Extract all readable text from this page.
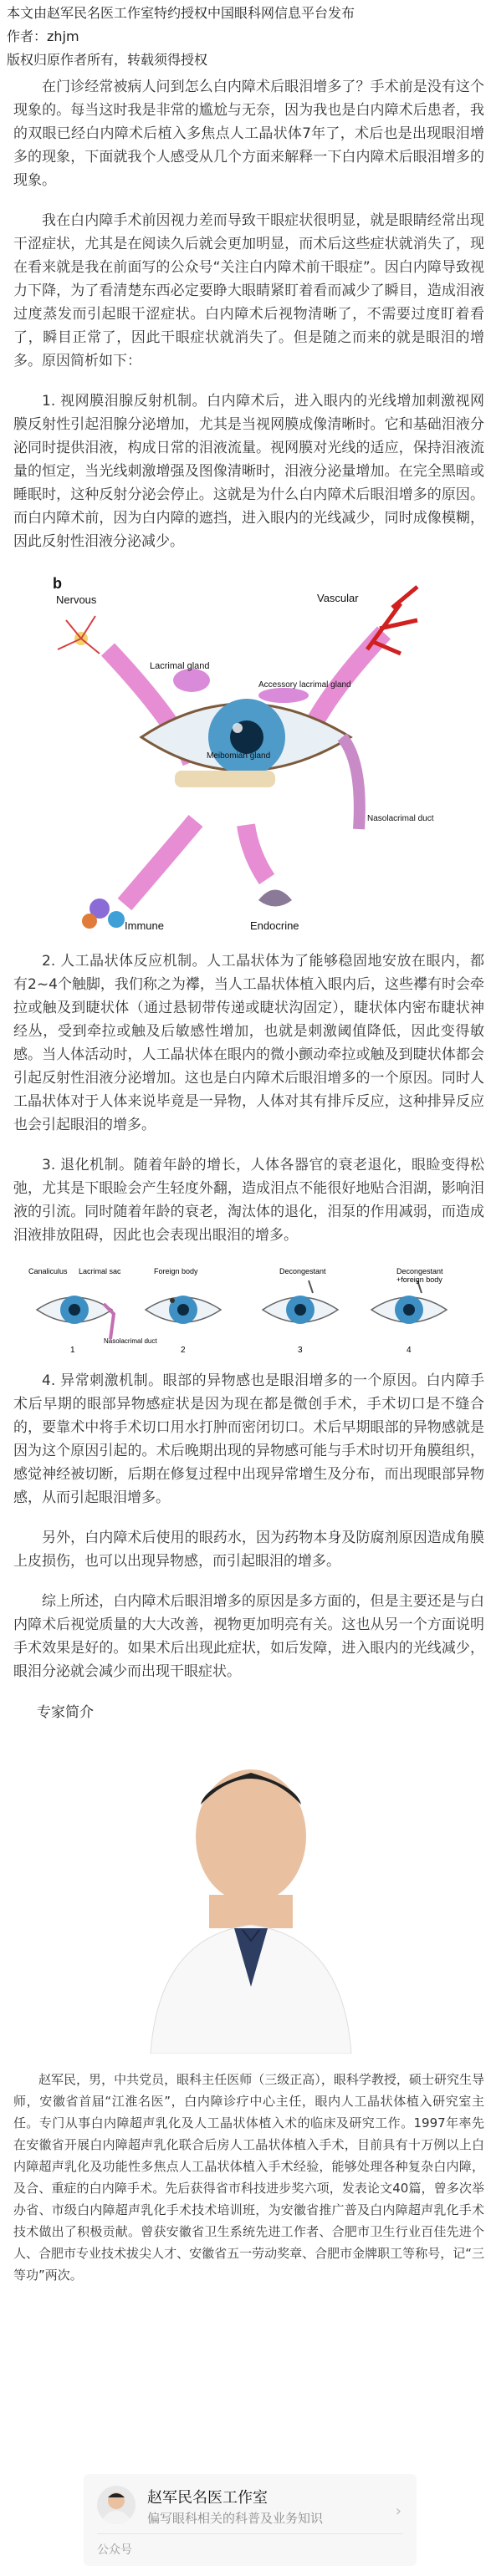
本文由赵军民名医工作室特约授权中国眼科网信息平台发布
作者：zhjm
版权归原作者所有，转载须得授权

在门诊经常被病人问到怎么白内障术后眼泪增多了？手术前是没有这个现象的。每当这时我是非常的尴尬与无奈，因为我也是白内障术后患者，我的双眼已经白内障术后植入多焦点人工晶状体7年了，术后也是出现眼泪增多的现象，下面就我个人感受从几个方面来解释一下白内障术后眼泪增多的现象。

我在白内障手术前因视力差而导致干眼症状很明显，就是眼睛经常出现干涩症状，尤其是在阅读久后就会更加明显，而术后这些症状就消失了，现在看来就是我在前面写的公众号“关注白内障术前干眼症”。因白内障导致视力下降，为了看清楚东西必定要睁大眼睛紧盯着看而减少了瞬目，造成泪液过度蒸发而引起眼干涩症状。白内障术后视物清晰了，不需要过度盯着看了，瞬目正常了，因此干眼症状就消失了。但是随之而来的就是眼泪的增多。原因简析如下：

1. 视网膜泪腺反射机制。白内障术后，进入眼内的光线增加刺激视网膜反射性引起泪腺分泌增加，尤其是当视网膜成像清晰时。它和基础泪液分泌同时提供泪液，构成日常的泪液流量。视网膜对光线的适应，保持泪液流量的恒定，当光线刺激增强及图像清晰时，泪液分泌量增加。在完全黑暗或睡眠时，这种反射分泌会停止。这就是为什么白内障术后眼泪增多的原因。而白内障术前，因为白内障的遮挡，进入眼内的光线减少，同时成像模糊，因此反射性泪液分泌减少。

b
Nervous	Vascular
Lacrimal gland
Accessory lacrimal gland
Meibomian gland
Nasolacrimal duct
Immune	Endocrine

2. 人工晶状体反应机制。人工晶状体为了能够稳固地安放在眼内，都有2~4个触脚，我们称之为襻，当人工晶状体植入眼内后，这些襻有时会牵拉或触及到睫状体（通过悬韧带传递或睫状沟固定），睫状体内密布睫状神经丛，受到牵拉或触及后敏感性增加，也就是刺激阈值降低，因此变得敏感。当人体活动时，人工晶状体在眼内的微小颤动牵拉或触及到睫状体都会引起反射性泪液分泌增加。这也是白内障术后眼泪增多的一个原因。同时人工晶状体对于人体来说毕竟是一异物，人体对其有排斥反应，这种排异反应也会引起眼泪的增多。

3. 退化机制。随着年龄的增长，人体各器官的衰老退化，眼睑变得松弛，尤其是下眼睑会产生轻度外翻，造成泪点不能很好地贴合泪湖，影响泪液的引流。同时随着年龄的衰老，淘汰体的退化，泪泵的作用减弱，而造成泪液排放阻碍，因此也会表现出眼泪的增多。

Canaliculus Lacrimal sac	Foreign body	Decongestant	Decongestant
+foreign body
Nasolacrimal duct
1	2	3	4

4. 异常刺激机制。眼部的异物感也是眼泪增多的一个原因。白内障手术后早期的眼部异物感症状是因为现在都是微创手术，手术切口是不缝合的，要靠术中将手术切口用水打肿而密闭切口。术后早期眼部的异物感就是因为这个原因引起的。术后晚期出现的异物感可能与手术时切开角膜组织，感觉神经被切断，后期在修复过程中出现异常增生及分布，而出现眼部异物感，从而引起眼泪增多。

另外，白内障术后使用的眼药水，因为药物本身及防腐剂原因造成角膜上皮损伤，也可以出现异物感，而引起眼泪的增多。

综上所述，白内障术后眼泪增多的原因是多方面的，但是主要还是与白内障术后视觉质量的大大改善，视物更加明亮有关。这也从另一个方面说明手术效果是好的。如果术后出现此症状，如后发障，进入眼内的光线减少，眼泪分泌就会减少而出现干眼症状。

专家简介

赵军民，男，中共党员，眼科主任医师（三级正高），眼科学教授，硕士研究生导师，安徽省首届“江淮名医”，白内障诊疗中心主任，眼内人工晶状体植入研究室主任。专门从事白内障超声乳化及人工晶状体植入术的临床及研究工作。1997年率先在安徽省开展白内障超声乳化联合后房人工晶状体植入手术，目前具有十万例以上白内障超声乳化及功能性多焦点人工晶状体植入手术经验，能够处理各种复杂白内障，及合、重症的白内障手术。先后获得省市科技进步奖六项，发表论文40篇，曾多次举办省、市级白内障超声乳化手术技术培训班，为安徽省推广普及白内障超声乳化手术技术做出了积极贡献。曾获安徽省卫生系统先进工作者、合肥市卫生行业百佳先进个人、合肥市专业技术拔尖人才、安徽省五一劳动奖章、合肥市金牌职工等称号，记“三等功”两次。

赵军民名医工作室
偏写眼科相关的科普及业务知识	›
公众号
